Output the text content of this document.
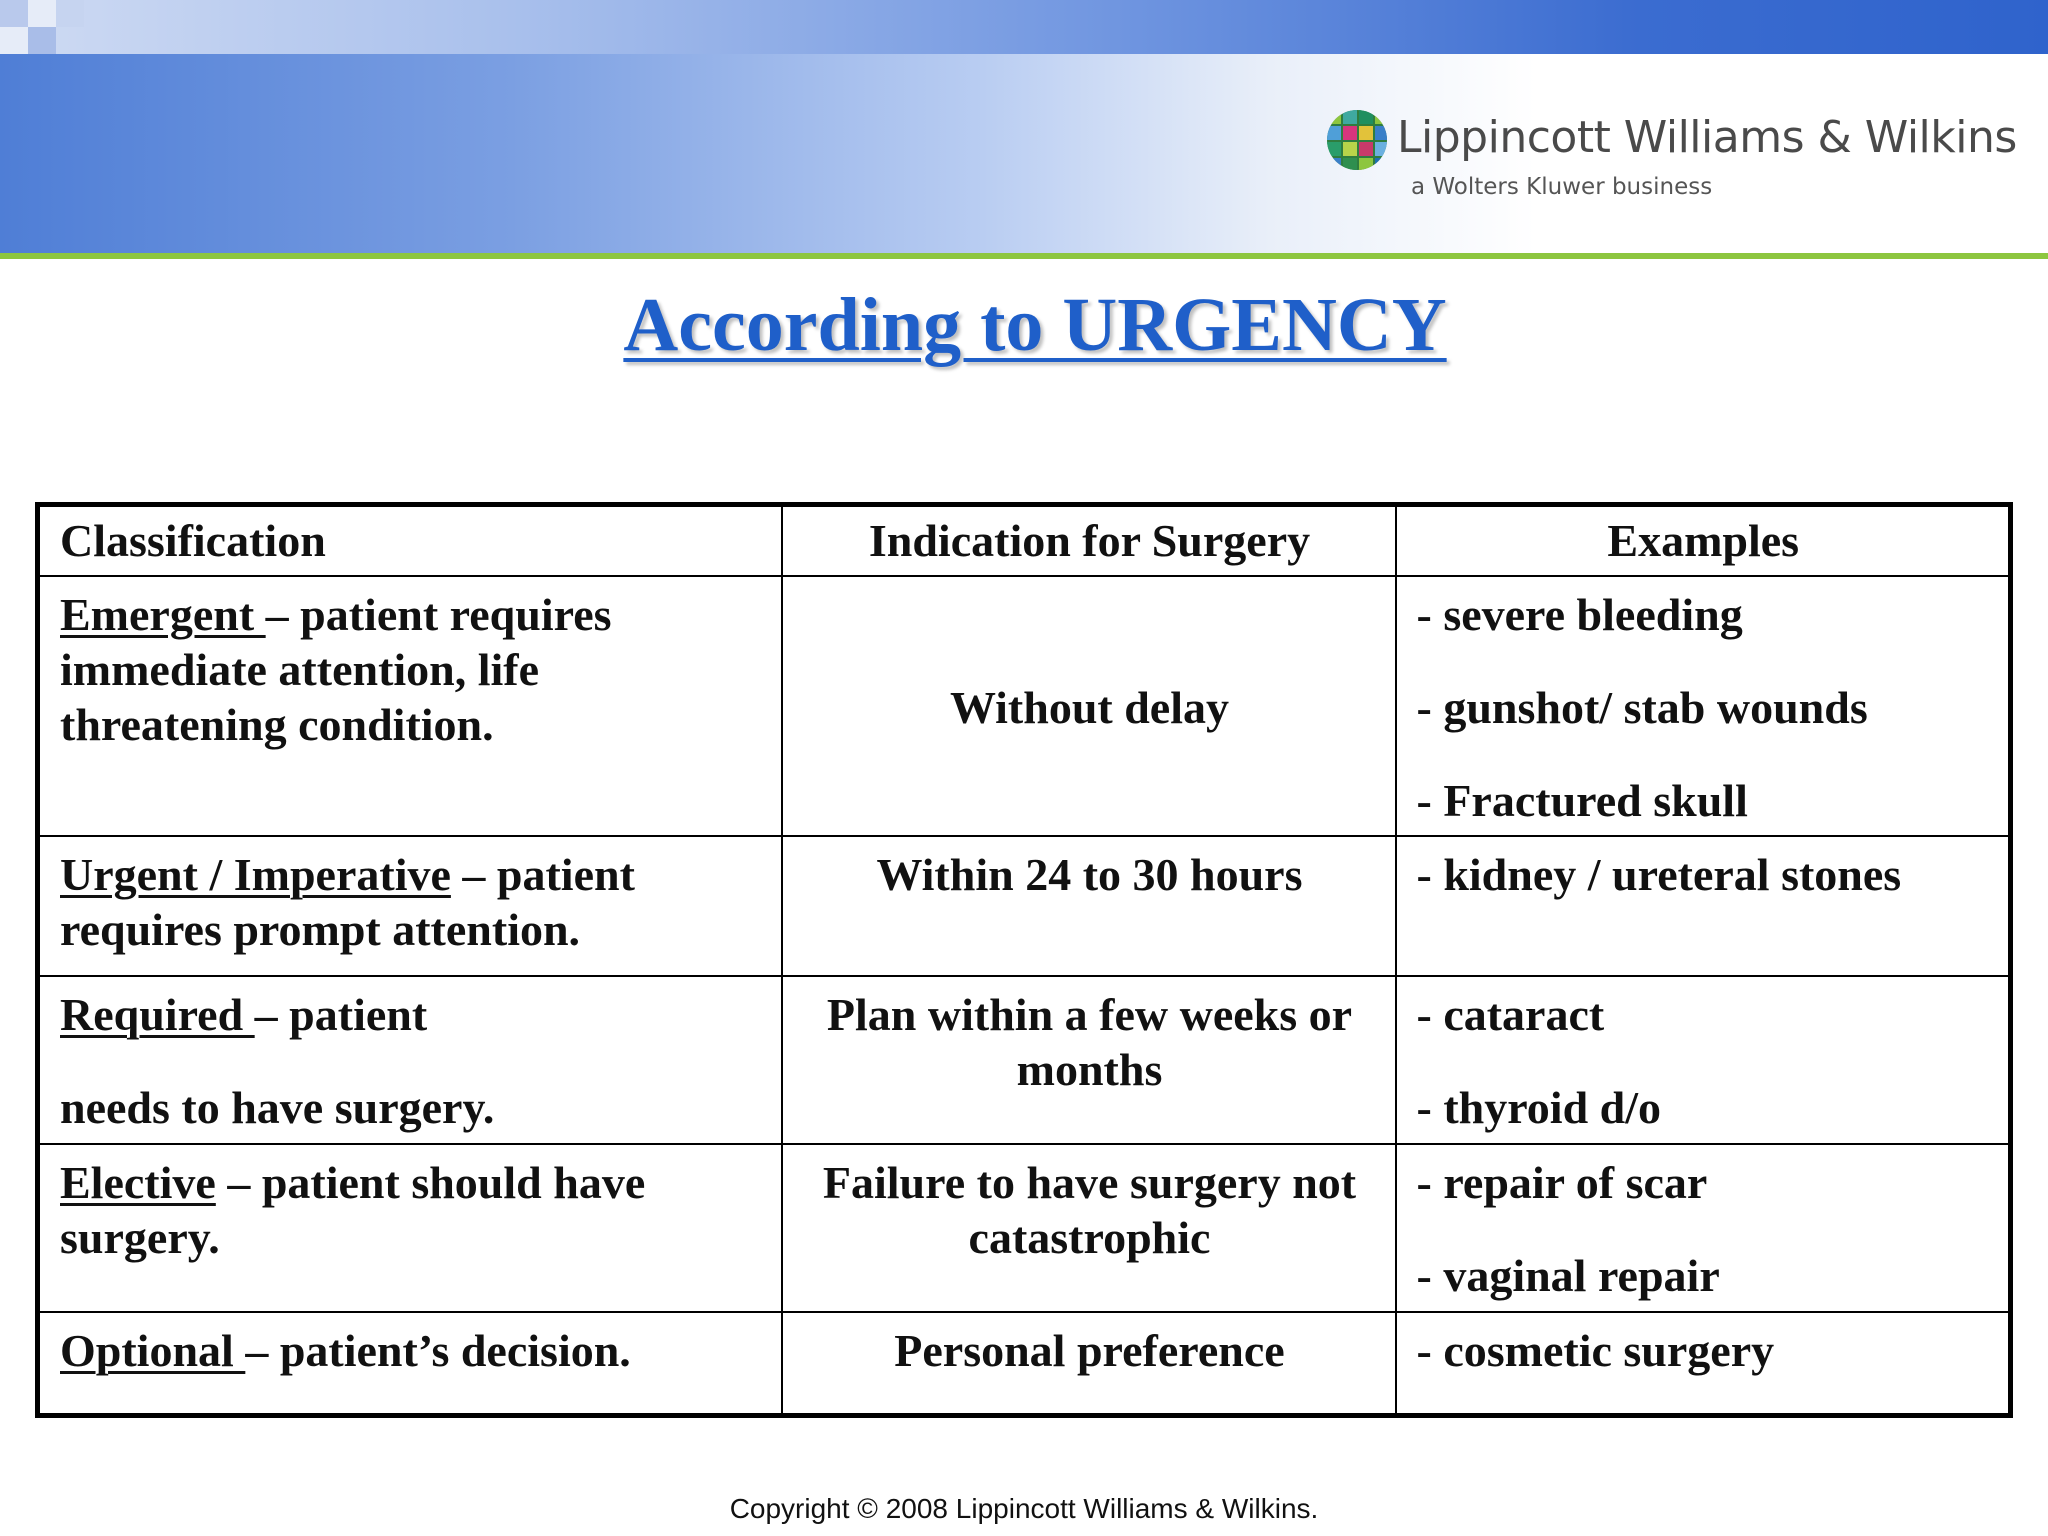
Lippincott Williams & Wilkins
a Wolters Kluwer business
According to URGENCY
Classification	Indication for Surgery	Examples
Emergent – patient requires immediate attention, life threatening condition.	Without delay	- severe bleeding
- gunshot/ stab wounds
- Fractured skull

Urgent / Imperative – patient requires prompt attention.	Within 24 to 30 hours	- kidney / ureteral stones

Required – patient
needs to have surgery.	Plan within a few weeks or months	- cataract
- thyroid d/o

Elective – patient should have surgery.	Failure to have surgery not catastrophic	- repair of scar
- vaginal repair

Optional – patient’s decision.	Personal preference	- cosmetic surgery
Copyright © 2008 Lippincott Williams & Wilkins.
